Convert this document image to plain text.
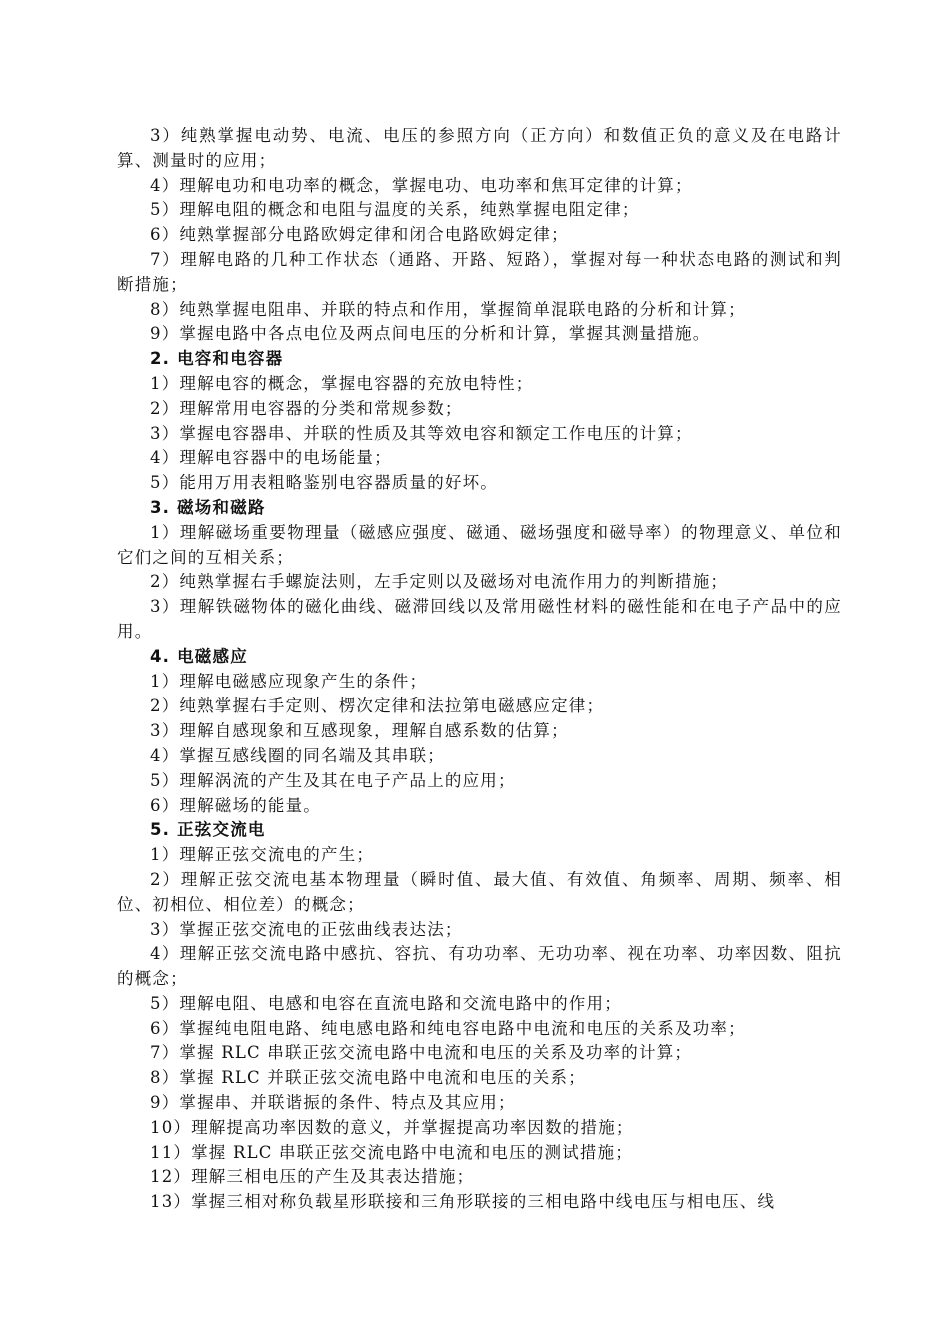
3）纯熟掌握电动势、电流、电压的参照方向（正方向）和数值正负的意义及在电路计算、测量时的应用；

4）理解电功和电功率的概念，掌握电功、电功率和焦耳定律的计算；

5）理解电阻的概念和电阻与温度的关系，纯熟掌握电阻定律；

6）纯熟掌握部分电路欧姆定律和闭合电路欧姆定律；

7）理解电路的几种工作状态（通路、开路、短路），掌握对每一种状态电路的测试和判断措施；

8）纯熟掌握电阻串、并联的特点和作用，掌握简单混联电路的分析和计算；

9）掌握电路中各点电位及两点间电压的分析和计算，掌握其测量措施。

2. 电容和电容器

1）理解电容的概念，掌握电容器的充放电特性；

2）理解常用电容器的分类和常规参数；

3）掌握电容器串、并联的性质及其等效电容和额定工作电压的计算；

4）理解电容器中的电场能量；

5）能用万用表粗略鉴别电容器质量的好坏。

3. 磁场和磁路

1）理解磁场重要物理量（磁感应强度、磁通、磁场强度和磁导率）的物理意义、单位和它们之间的互相关系；

2）纯熟掌握右手螺旋法则，左手定则以及磁场对电流作用力的判断措施；

3）理解铁磁物体的磁化曲线、磁滞回线以及常用磁性材料的磁性能和在电子产品中的应用。

4. 电磁感应

1）理解电磁感应现象产生的条件；

2）纯熟掌握右手定则、楞次定律和法拉第电磁感应定律；

3）理解自感现象和互感现象，理解自感系数的估算；

4）掌握互感线圈的同名端及其串联；

5）理解涡流的产生及其在电子产品上的应用；

6）理解磁场的能量。

5. 正弦交流电

1）理解正弦交流电的产生；

2）理解正弦交流电基本物理量（瞬时值、最大值、有效值、角频率、周期、频率、相位、初相位、相位差）的概念；

3）掌握正弦交流电的正弦曲线表达法；

4）理解正弦交流电路中感抗、容抗、有功功率、无功功率、视在功率、功率因数、阻抗的概念；

5）理解电阻、电感和电容在直流电路和交流电路中的作用；

6）掌握纯电阻电路、纯电感电路和纯电容电路中电流和电压的关系及功率；

7）掌握 RLC 串联正弦交流电路中电流和电压的关系及功率的计算；

8）掌握 RLC 并联正弦交流电路中电流和电压的关系；

9）掌握串、并联谐振的条件、特点及其应用；

10）理解提高功率因数的意义，并掌握提高功率因数的措施；

11）掌握 RLC 串联正弦交流电路中电流和电压的测试措施；

12）理解三相电压的产生及其表达措施；

13）掌握三相对称负载星形联接和三角形联接的三相电路中线电压与相电压、线
